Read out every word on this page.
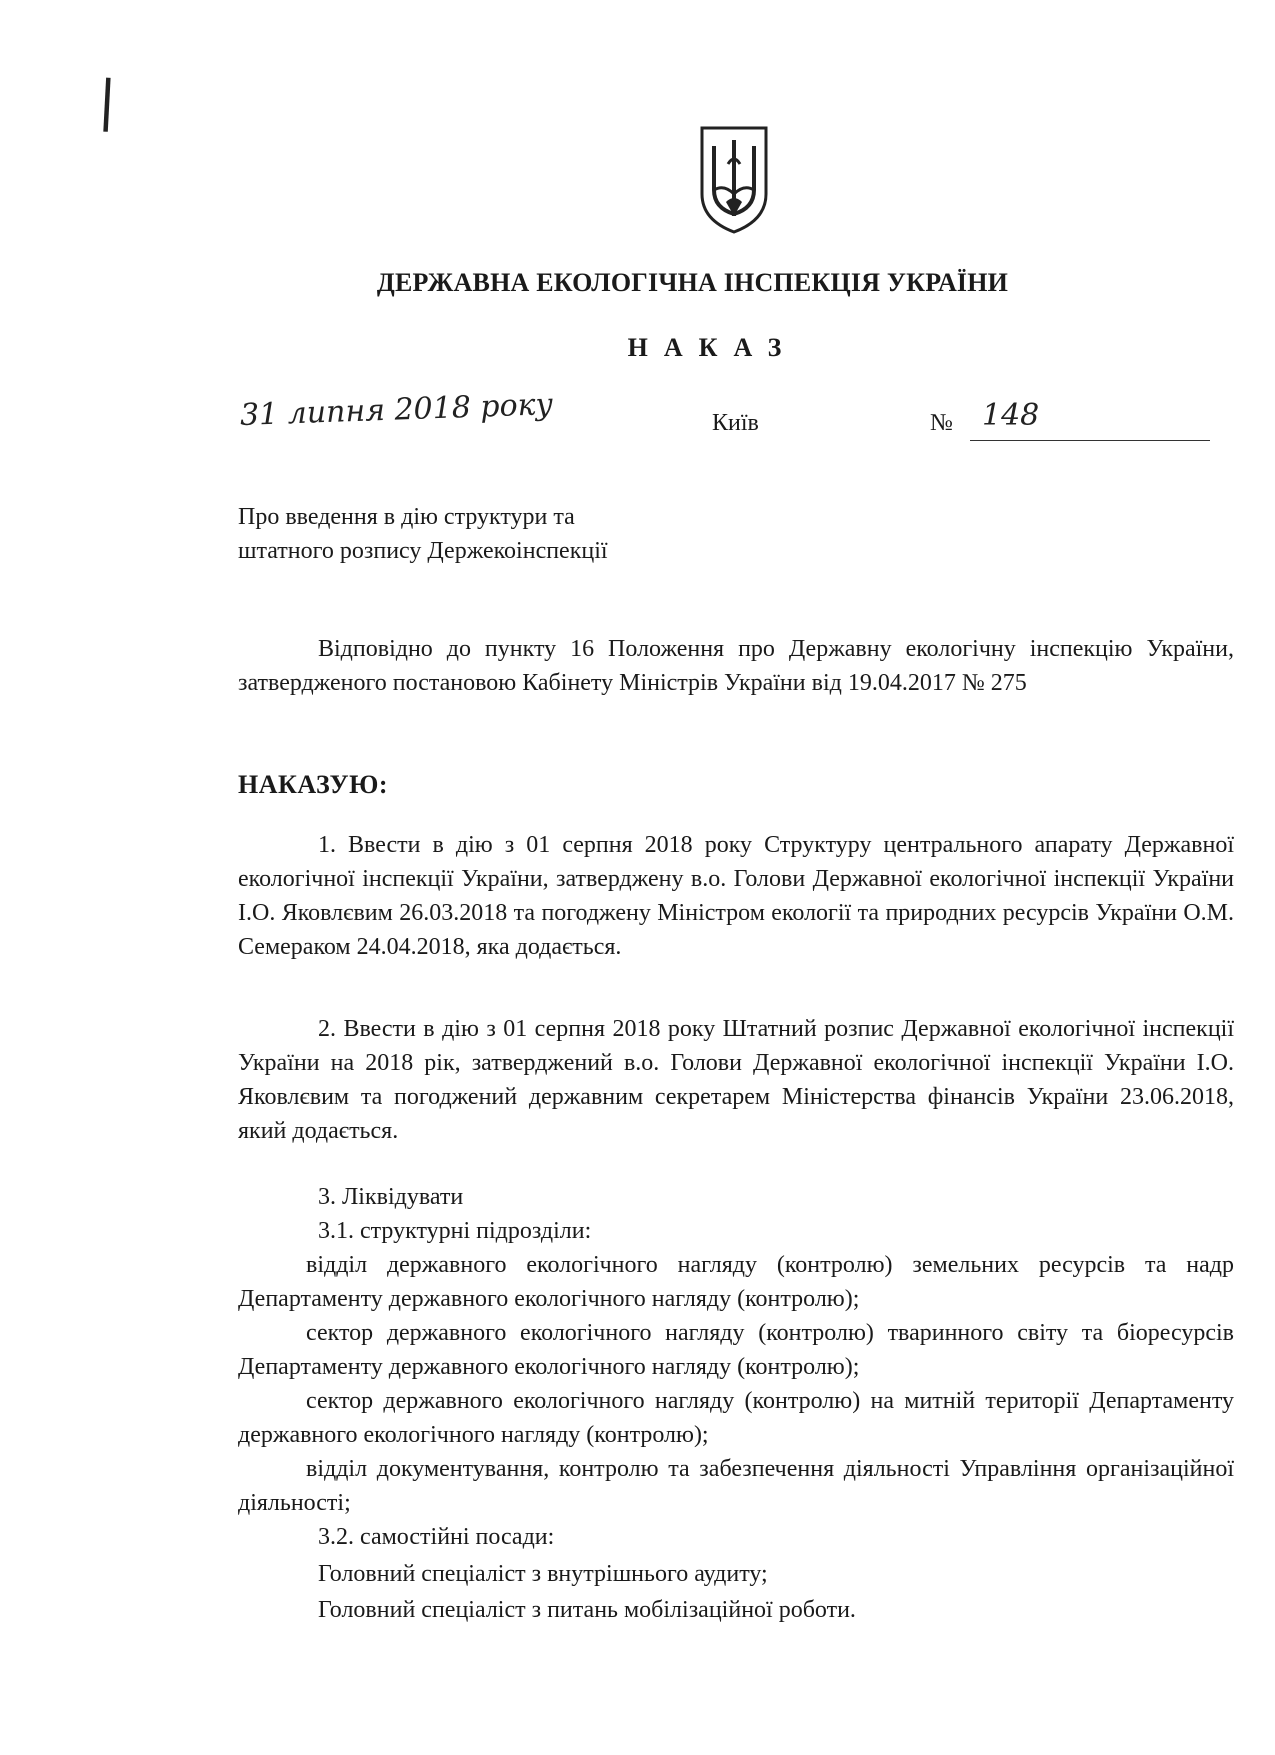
|
ДЕРЖАВНА ЕКОЛОГІЧНА ІНСПЕКЦІЯ УКРАЇНИ
НАКАЗ
31 липня 2018 року	Київ	№ 148

Про введення в дію структури та

штатного розпису Держекоінспекції

Відповідно до пункту 16 Положення про Державну екологічну інспекцію України, затвердженого постановою Кабінету Міністрів України від 19.04.2017 № 275

НАКАЗУЮ:

1. Ввести в дію з 01 серпня 2018 року Структуру центрального апарату Державної екологічної інспекції України, затверджену в.о. Голови Державної екологічної інспекції України І.О. Яковлєвим 26.03.2018 та погоджену Міністром екології та природних ресурсів України О.М. Семераком 24.04.2018, яка додається.

2. Ввести в дію з 01 серпня 2018 року Штатний розпис Державної екологічної інспекції України на 2018 рік, затверджений в.о. Голови Державної екологічної інспекції України І.О. Яковлєвим та погоджений державним секретарем Міністерства фінансів України 23.06.2018, який додається.

3. Ліквідувати
3.1. структурні підрозділи:

відділ державного екологічного нагляду (контролю) земельних ресурсів та надр Департаменту державного екологічного нагляду (контролю);

сектор державного екологічного нагляду (контролю) тваринного світу та біоресурсів Департаменту державного екологічного нагляду (контролю);

сектор державного екологічного нагляду (контролю) на митній території Департаменту державного екологічного нагляду (контролю);

відділ документування, контролю та забезпечення діяльності Управління організаційної діяльності;

3.2. самостійні посади:

Головний спеціаліст з внутрішнього аудиту;

Головний спеціаліст з питань мобілізаційної роботи.
